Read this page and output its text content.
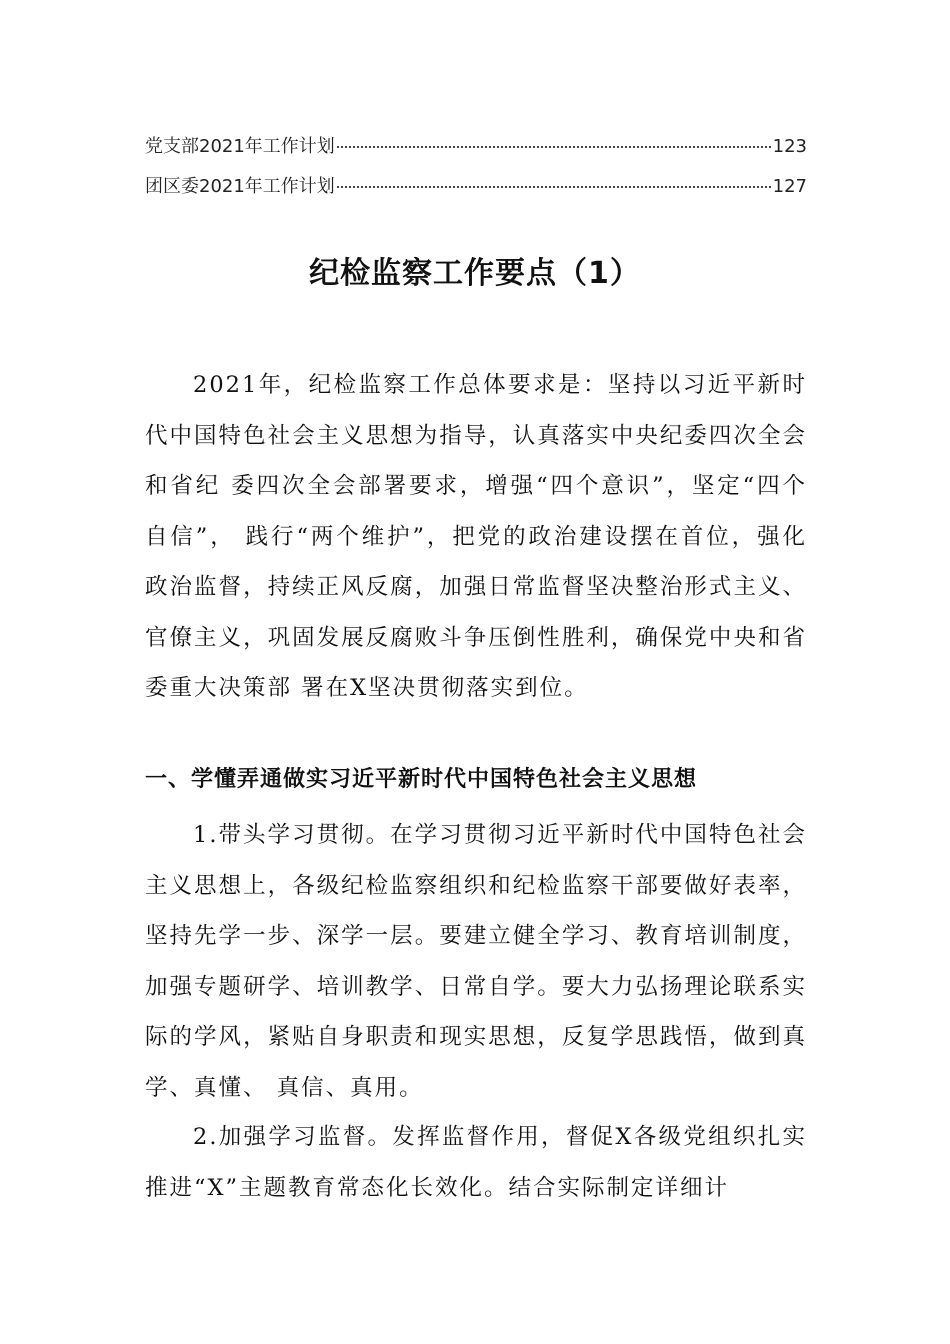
党支部2021年工作计划	123
团区委2021年工作计划	127
纪检监察工作要点（1）

2021年，纪检监察工作总体要求是：坚持以习近平新时代中国特色社会主义思想为指导，认真落实中央纪委四次全会和省纪 委四次全会部署要求，增强“四个意识”，坚定“四个自信”， 践行“两个维护”，把党的政治建设摆在首位，强化政治监督，持续正风反腐，加强日常监督坚决整治形式主义、官僚主义，巩固发展反腐败斗争压倒性胜利，确保党中央和省委重大决策部 署在X坚决贯彻落实到位。

一、学懂弄通做实习近平新时代中国特色社会主义思想

1.带头学习贯彻。在学习贯彻习近平新时代中国特色社会主义思想上，各级纪检监察组织和纪检监察干部要做好表率，坚持先学一步、深学一层。要建立健全学习、教育培训制度，加强专题研学、培训教学、日常自学。要大力弘扬理论联系实际的学风，紧贴自身职责和现实思想，反复学思践悟，做到真学、真懂、 真信、真用。

2.加强学习监督。发挥监督作用，督促X各级党组织扎实推进“X”主题教育常态化长效化。结合实际制定详细计
